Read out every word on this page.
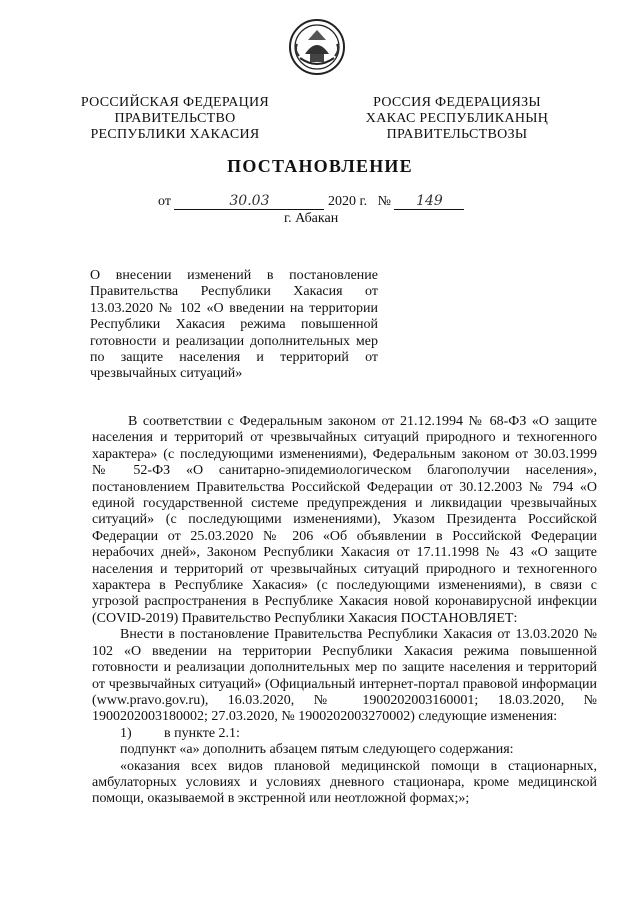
РОССИЙСКАЯ ФЕДЕРАЦИЯ
ПРАВИТЕЛЬСТВО
РЕСПУБЛИКИ ХАКАСИЯ
РОССИЯ ФЕДЕРАЦИЯЗЫ
ХАКАС РЕСПУБЛИКАНЫҢ
ПРАВИТЕЛЬСТВОЗЫ
ПОСТАНОВЛЕНИЕ
от	30.03	2020 г. № 149
г. Абакан
О внесении изменений в постановление Правительства Республики Хакасия от 13.03.2020 № 102 «О введении на территории Республики Хакасия режима повышенной готовности и реализации дополнительных мер по защите населения и территорий от чрезвычайных ситуаций»

В соответствии с Федеральным законом от 21.12.1994 № 68-ФЗ «О защите населения и территорий от чрезвычайных ситуаций природного и техногенного характера» (с последующими изменениями), Федеральным законом от 30.03.1999 № 52-ФЗ «О санитарно-эпидемиологическом благополучии населения», постановлением Правительства Российской Федерации от 30.12.2003 № 794 «О единой государственной системе предупреждения и ликвидации чрезвычайных ситуаций» (с последующими изменениями), Указом Президента Российской Федерации от 25.03.2020 № 206 «Об объявлении в Российской Федерации нерабочих дней», Законом Республики Хакасия от 17.11.1998 № 43 «О защите населения и территорий от чрезвычайных ситуаций природного и техногенного характера в Республике Хакасия» (с последующими изменениями), в связи с угрозой распространения в Республике Хакасия новой коронавирусной инфекции (COVID-2019) Правительство Республики Хакасия ПОСТАНОВЛЯЕТ:

Внести в постановление Правительства Республики Хакасия от 13.03.2020 № 102 «О введении на территории Республики Хакасия режима повышенной готовности и реализации дополнительных мер по защите населения и территорий от чрезвычайных ситуаций» (Официальный интернет-портал правовой информации (www.pravo.gov.ru), 16.03.2020, № 1900202003160001; 18.03.2020, № 1900202003180002; 27.03.2020, № 1900202003270002) следующие изменения:

1) в пункте 2.1:

подпункт «а» дополнить абзацем пятым следующего содержания:

«оказания всех видов плановой медицинской помощи в стационарных, амбулаторных условиях и условиях дневного стационара, кроме медицинской помощи, оказываемой в экстренной или неотложной формах;»;
